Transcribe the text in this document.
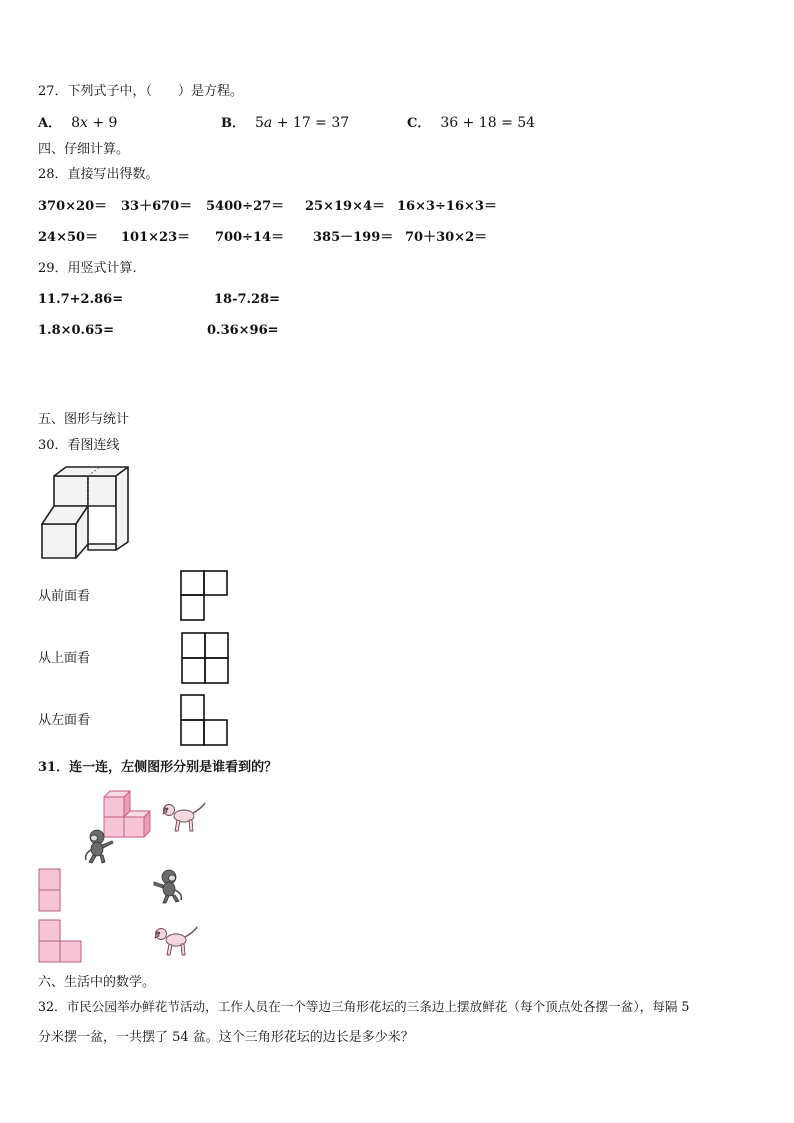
27．下列式子中，（　　）是方程。
A． 8x + 9	B． 5a + 17 = 37	C． 36 + 18 = 54
四、仔细计算。
28．直接写出得数。
370×20＝ 33＋670＝ 5400÷27＝ 25×19×4＝ 16×3÷16×3＝
24×50＝ 101×23＝ 700÷14＝ 385－199＝ 70＋30×2＝
29．用竖式计算.
11.7+2.86=	18-7.28=
1.8×0.65=	0.36×96=
五、图形与统计
30．看图连线
从前面看
从上面看
从左面看
31．连一连，左侧图形分别是谁看到的？
六、生活中的数学。
32．市民公园举办鲜花节活动，工作人员在一个等边三角形花坛的三条边上摆放鲜花（每个顶点处各摆一盆），每隔 5
分米摆一盆，一共摆了 54 盆。这个三角形花坛的边长是多少米？
